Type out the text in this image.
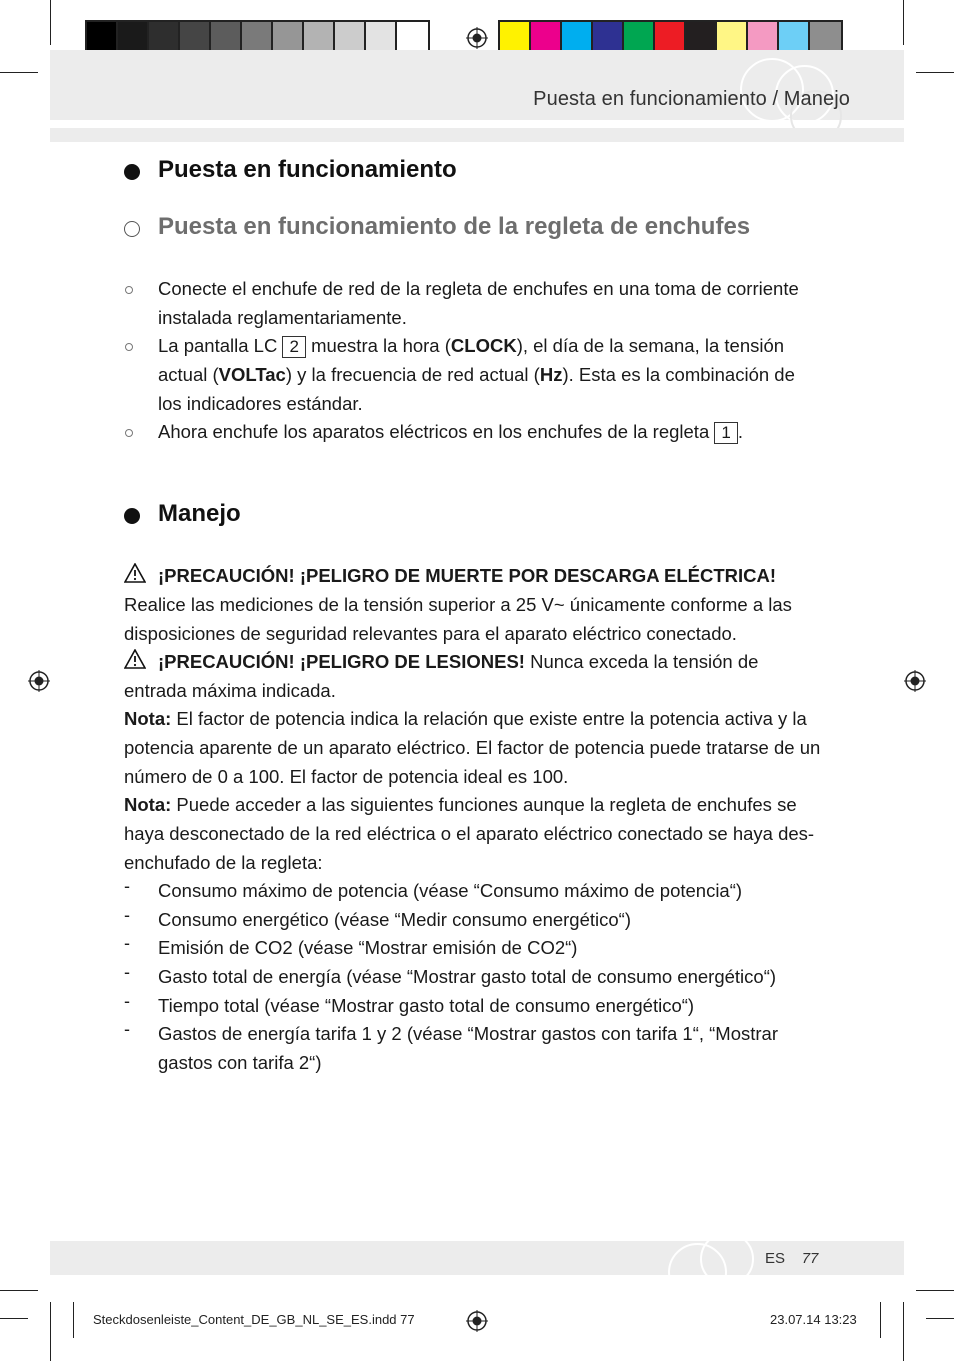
Puesta en funcionamiento / Manejo
Puesta en funcionamiento
Puesta en funcionamiento de la regleta de enchufes
Conecte el enchufe de red de la regleta de enchufes en una toma de corriente
instalada reglamentariamente.
La pantalla LC 2 muestra la hora (CLOCK), el día de la semana, la tensión
actual (VOLTac) y la frecuencia de red actual (Hz). Esta es la combinación de
los indicadores estándar.
Ahora enchufe los aparatos eléctricos en los enchufes de la regleta 1 .
Manejo
¡PRECAUCIÓN! ¡PELIGRO DE MUERTE POR DESCARGA ELÉCTRICA!
Realice las mediciones de la tensión superior a 25 V~ únicamente conforme a las
disposiciones de seguridad relevantes para el aparato eléctrico conectado.
¡PRECAUCIÓN! ¡PELIGRO DE LESIONES! Nunca exceda la tensión de
entrada máxima indicada.
Nota: El factor de potencia indica la relación que existe entre la potencia activa y la
potencia aparente de un aparato eléctrico. El factor de potencia puede tratarse de un
número de 0 a 100. El factor de potencia ideal es 100.
Nota: Puede acceder a las siguientes funciones aunque la regleta de enchufes se
haya desconectado de la red eléctrica o el aparato eléctrico conectado se haya des-
enchufado de la regleta:
- Consumo máximo de potencia (véase “Consumo máximo de potencia“)
- Consumo energético (véase “Medir consumo energético“)
- Emisión de CO2 (véase “Mostrar emisión de CO2“)
- Gasto total de energía (véase “Mostrar gasto total de consumo energético“)
- Tiempo total (véase “Mostrar gasto total de consumo energético“)
- Gastos de energía tarifa 1 y 2 (véase “Mostrar gastos con tarifa 1“, “Mostrar
gastos con tarifa 2“)
ES 77
Steckdosenleiste_Content_DE_GB_NL_SE_ES.indd 77	23.07.14 13:23
